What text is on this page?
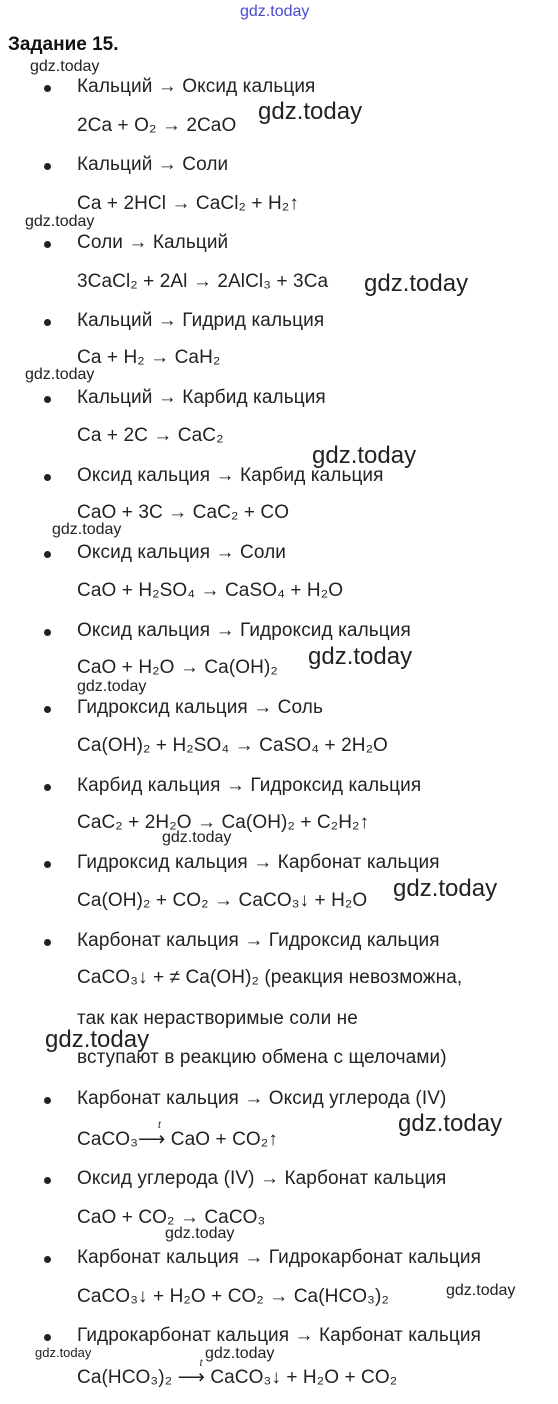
gdz.today
Задание 15.
Кальций → Оксид кальция
2Ca + O₂ → 2CaO
Кальций → Соли
Ca + 2HCl → CaCl₂ + H₂↑
Соли → Кальций
3CaCl₂ + 2Al → 2AlCl₃ + 3Ca
Кальций → Гидрид кальция
Ca + H₂ → CaH₂
Кальций → Карбид кальция
Ca + 2C → CaC₂
Оксид кальция → Карбид кальция
CaO + 3C → CaC₂ + CO
Оксид кальция → Соли
CaO + H₂SO₄ → CaSO₄ + H₂O
Оксид кальция → Гидроксид кальция
CaO + H₂O → Ca(OH)₂
Гидроксид кальция → Соль
Ca(OH)₂ + H₂SO₄ → CaSO₄ + 2H₂O
Карбид кальция → Гидроксид кальция
CaC₂ + 2H₂O → Ca(OH)₂ + C₂H₂↑
Гидроксид кальция → Карбонат кальция
Ca(OH)₂ + CO₂ → CaCO₃↓ + H₂O
Карбонат кальция → Гидроксид кальция
CaCO₃↓ + ≠ Ca(OH)₂ (реакция невозможна,
так как нерастворимые соли не
вступают в реакцию обмена с щелочами)
Карбонат кальция → Оксид углерода (IV)
CaCO₃
t
⟶ CaO + CO₂↑
Оксид углерода (IV) → Карбонат кальция
CaO + CO₂ → CaCO₃
Карбонат кальция → Гидрокарбонат кальция
CaCO₃↓ + H₂O + CO₂ → Ca(HCO₃)₂
Гидрокарбонат кальция → Карбонат кальция
Ca(HCO₃)₂
t
⟶ CaCO₃↓ + H₂O + CO₂
gdz.today
gdz.today
gdz.today
gdz.today
gdz.today
gdz.today
gdz.today
gdz.today
gdz.today
gdz.today
gdz.today
gdz.today
gdz.today
gdz.today
gdz.today
gdz.today
gdz.today
